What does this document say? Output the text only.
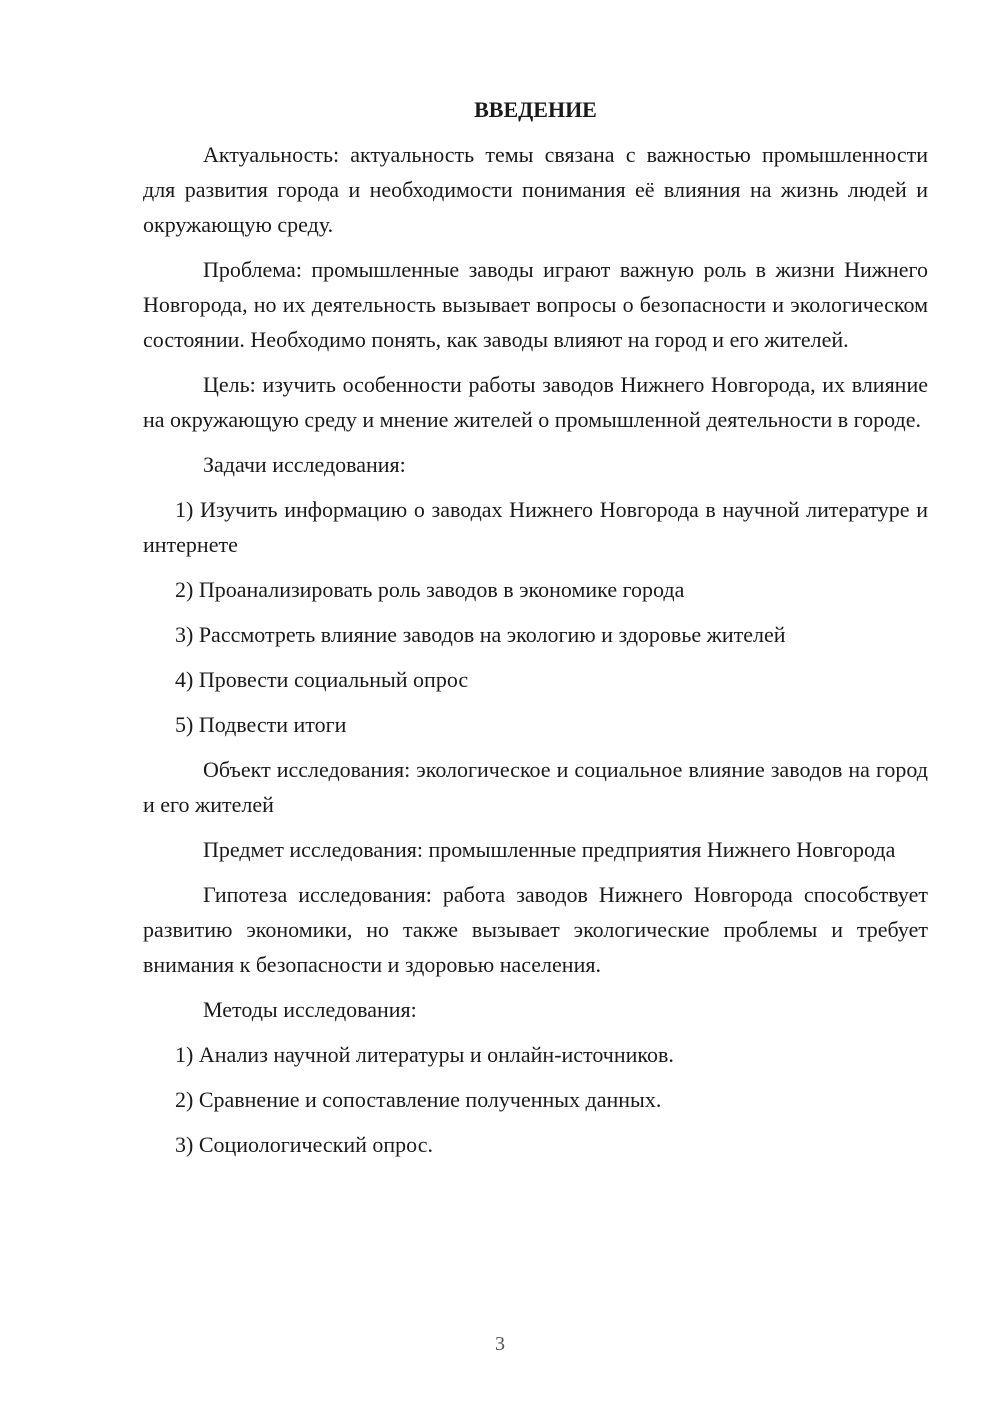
ВВЕДЕНИЕ

Актуальность: актуальность темы связана с важностью промышленности для развития города и необходимости понимания её влияния на жизнь людей и окружающую среду.

Проблема: промышленные заводы играют важную роль в жизни Нижнего Новгорода, но их деятельность вызывает вопросы о безопасности и экологическом состоянии. Необходимо понять, как заводы влияют на город и его жителей.

Цель: изучить особенности работы заводов Нижнего Новгорода, их влияние на окружающую среду и мнение жителей о промышленной деятельности в городе.

Задачи исследования:

1) Изучить информацию о заводах Нижнего Новгорода в научной литературе и интернете
2) Проанализировать роль заводов в экономике города
3) Рассмотреть влияние заводов на экологию и здоровье жителей
4) Провести социальный опрос
5) Подвести итоги

Объект исследования: экологическое и социальное влияние заводов на город и его жителей

Предмет исследования: промышленные предприятия Нижнего Новгорода

Гипотеза исследования: работа заводов Нижнего Новгорода способствует развитию экономики, но также вызывает экологические проблемы и требует внимания к безопасности и здоровью населения.

Методы исследования:

1) Анализ научной литературы и онлайн-источников.
2) Сравнение и сопоставление полученных данных.
3) Социологический опрос.
3
